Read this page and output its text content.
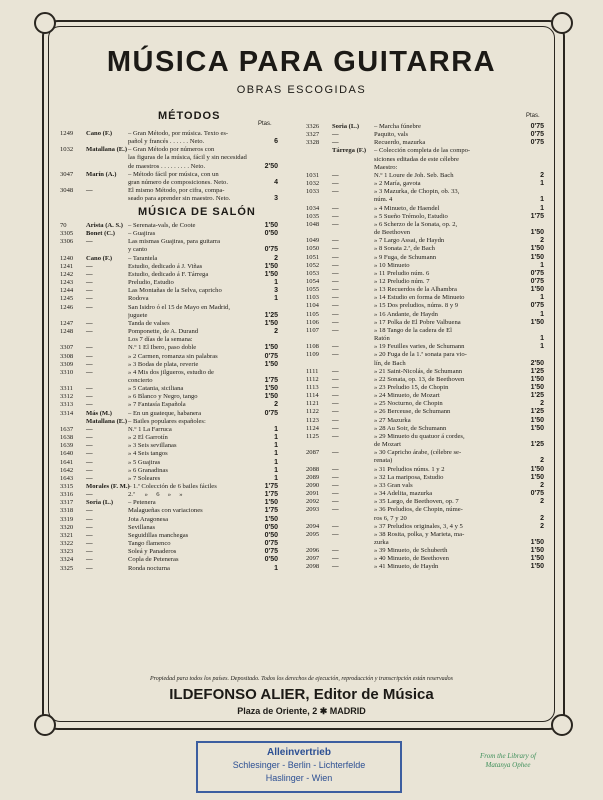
MÚSICA PARA GUITARRA
OBRAS ESCOGIDAS
MÉTODOS
Ptas.
1249	Cano (F.)	– Gran Método, por música. Texto es-
pañol y francés . . . . . . Neto.	6
1032	Matallana (E.) – Gran Método por números con
las figuras de la música, fácil y sin necesidad
de maestros . . . . . . . . . Neto.	2'50
3047	Marín (A.)	– Método fácil por música, con un
gran número de composiciones. Neto.	4
3048	—	El mismo Método, por cifra, compa-
seado para aprender sin maestro. Neto.	3
MÚSICA DE SALÓN
70	Arista (A. S.) – Serenata-vals, de Coote	1'50
3305	Bonet (C.)	– Guajiras	0'50
3306	—	Las mismas Guajiras, para guitarra
y canto	0'75
1240	Cano (F.)	– Tarantela	2
1241	—	Estudio, dedicado á J. Viñas	1'50
1242	—	Estudio, dedicado á F. Tárrega	1'50
1243	—	Preludio, Estudio	1
1244	—	Las Montañas de la Selva, capricho	3
1245	—	Rodova	1
1246	—	San Isidro ó el 15 de Mayo en Madrid,
juguete	1'25
1247	—	Tanda de valses	1'50
1248	—	Pomponette, de A. Durand	2
Los 7 días de la semana:
3307	—	N.º 1 El Ibero, paso doble	1'50
3308	—	» 2 Carmen, romanza sin palabras	0'75
3309	—	» 3 Bodas de plata, reverie	1'50
3310	—	» 4 Mis dos jilgueros, estudio de
concierto	1'75
3311	—	» 5 Catania, siciliana	1'50
3312	—	» 6 Blanco y Negro, tango	1'50
3313	—	» 7 Fantasía Española	2
3314	Más (M.)	– En un guateque, habanera	0'75
Matallana (E.) – Bailes populares españoles:
1637	—	N.º 1 La Farruca	1
1638	—	» 2 El Garrotín	1
1639	—	» 3 Seis sevillanas	1
1640	—	» 4 Seis tangos	1
1641	—	» 5 Guajiras	1
1642	—	» 6 Granadinas	1
1643	—	» 7 Soleares	1
3315	Morales (F. M.)
– 1.ª Colección de 6 bailes fáciles	1'75
3316	—	2.ª      »     6     »     »	1'75
3317	Soria (L.)	– Petenera	1'50
3318	—	Malagueñas con variaciones	1'75
3319	—	Jota Aragonesa	1'50
3320	—	Sevillanas	0'50
3321	—	Seguidillas manchegas	0'50
3322	—	Tango flamenco	0'75
3323	—	Soleá y Panaderos	0'75
3324	—	Copla de Peteneras	0'50
3325	—	Ronda nocturna	1
Ptas.
3326	Soria (L.)	– Marcha fúnebre	0'75
3327	—	Paquito, vals	0'75
3328	—	Recuerdo, mazurka	0'75
Tárrega (F.)	– Colección completa de las compo-
siciones editadas de este célebre
Maestro:
1031	—	N.º 1 Loure de Joh. Seb. Bach	2
1032	—	» 2 María, gavota	1
1033	—	» 3 Mazurka, de Chopin, ob. 33,
núm. 4	1
1034	—	» 4 Minueto, de Haendel	1
1035	—	» 5 Sueño Trémolo, Estudio	1'75
1048	—	» 6 Scherzo de la Sonata, op. 2,
de Beethoven	1'50
1049	—	» 7 Largo Assai, de Haydn	2
1050	—	» 8 Sonata 2.ª, de Bach	1'50
1051	—	» 9 Fuga, de Schumann	1'50
1052	—	» 10 Minueto	1
1053	—	» 11 Preludio núm. 6	0'75
1054	—	» 12 Preludio núm. 7	0'75
1055	—	» 13 Recuerdos de la Alhambra	1'50
1103	—	» 14 Estudio en forma de Minueto	1
1104	—	» 15 Dos preludios, núms. 8 y 9	0'75
1105	—	» 16 Andante, de Haydn	1
1106	—	» 17 Polka de El Pobre Valbuena	1'50
1107	—	» 18 Tango de la cadera de El
Ratón	1
1108	—	» 19 Feuilles varies, de Schumann	1
1109	—	» 20 Fuga de la 1.ª sonata para vio-
lín, de Bach	2'50
1111	—	» 21 Saint-Nicolás, de Schumann	1'25
1112	—	» 22 Sonata, op. 13, de Beethoven	1'50
1113	—	» 23 Preludio 15, de Chopin	1'50
1114	—	» 24 Minueto, de Mozart	1'25
1121	—	» 25 Nocturno, de Chopin	2
1122	—	» 26 Berceuse, de Schumann	1'25
1123	—	» 27 Mazurka	1'50
1124	—	» 28 Au Soir, de Schumann	1'50
1125	—	» 29 Minueto du quatuor á cordes,
de Mozart	1'25
2087	—	» 30 Capricho árabe, (célebre se-
renata)	2
2088	—	» 31 Preludios núms. 1 y 2	1'50
2089	—	» 32 La mariposa, Estudio	1'50
2090	—	» 33 Gran vals	2
2091	—	» 34 Adelita, mazurka	0'75
2092	—	» 35 Largo, de Beethoven, op. 7	2
2093	—	» 36 Preludios, de Chopin, núme-
ros 6, 7 y 20	2
2094	—	» 37 Preludios originales, 3, 4 y 5	2
2095	—	» 38 Rosita, polka, y Marieta, ma-
zurka	1'50
2096	—	» 39 Minueto, de Schuberth	1'50
2097	—	» 40 Minueto, de Beethoven	1'50
2098	—	» 41 Minueto, de Haydn	1'50
Propiedad para todos los países. Depositado. Todos los derechos de ejecución, reproducción y transcripción están reservados
ILDEFONSO ALIER, Editor de Música
Plaza de Oriente, 2 ✱ MADRID
Alleinvertrieb
Schlesinger - Berlin - Lichterfelde
Haslinger - Wien
From the Library of
Matanya Ophee
